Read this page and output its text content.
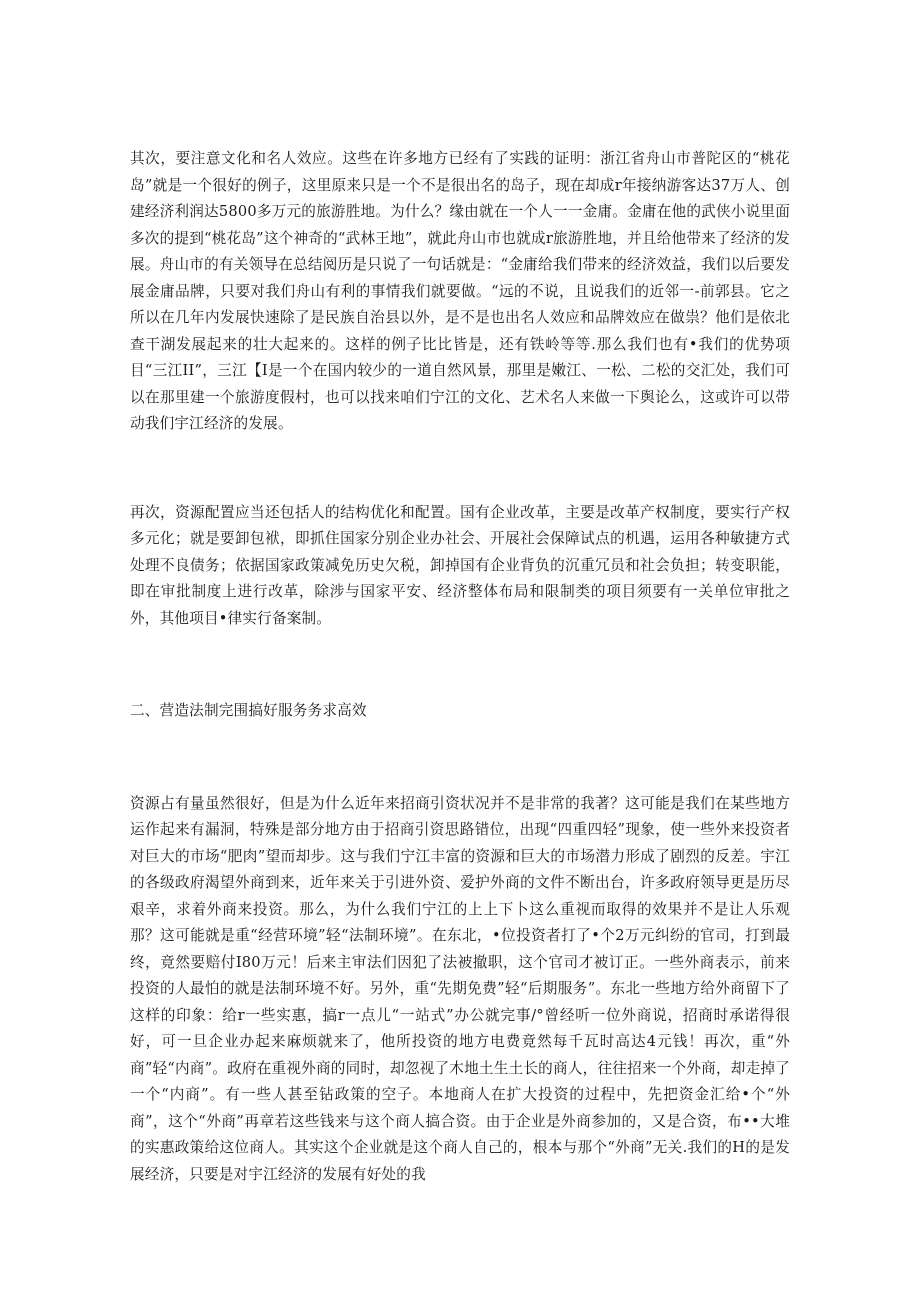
其次，要注意文化和名人效应。这些在许多地方已经有了实践的证明：浙江省舟山市普陀区的“桃花岛”就是一个很好的例子，这里原来只是一个不是很出名的岛子，现在却成r年接纳游客达37万人、创建经济利润达5800多万元的旅游胜地。为什么？缘由就在一个人一一金庸。金庸在他的武侠小说里面多次的提到“桃花岛”这个神奇的“武林王地”，就此舟山市也就成r旅游胜地，并且给他带来了经济的发展。舟山市的有关领导在总结阅历是只说了一句话就是：“金庸给我们带来的经济效益，我们以后要发展金庸品牌，只要对我们舟山有利的事情我们就要做。“远的不说，且说我们的近邻一-前郭县。它之所以在几年内发展快速除了是民族自治县以外，是不是也出名人效应和品牌效应在做祟？他们是依北查干湖发展起来的壮大起来的。这样的例子比比皆是，还有铁岭等等.那么我们也有•我们的优势项目“三江II”，三江【I是一个在国内较少的一道自然风景，那里是嫩江、一松、二松的交汇处，我们可以在那里建一个旅游度假村，也可以找来咱们宁江的文化、艺术名人来做一下舆论么，这或许可以带动我们宇江经济的发展。

再次，资源配置应当还包括人的结构优化和配置。国有企业改革，主要是改革产权制度，要实行产权多元化；就是要卸包袱，即抓住国家分别企业办社会、开展社会保障试点的机遇，运用各种敏捷方式处理不良债务；依据国家政策减免历史欠税，卸掉国有企业背负的沉重冗员和社会负担；转变职能，即在审批制度上进行改革，除涉与国家平安、经济整体布局和限制类的项目须要有一关单位审批之外，其他项目•律实行备案制。

二、营造法制完围搞好服务务求高效

资源占有量虽然很好，但是为什么近年来招商引资状况并不是非常的我著？这可能是我们在某些地方运作起来有漏洞，特殊是部分地方由于招商引资思路错位，出现“四重四轻”现象，使一些外来投资者对巨大的市场“肥肉”望而却步。这与我们宁江丰富的资源和巨大的市场潜力形成了剧烈的反差。宇江的各级政府渴望外商到来，近年来关于引进外资、爱护外商的文件不断出台，许多政府领导更是历尽艰辛，求着外商来投资。那么，为什么我们宁江的上上下卜这么重视而取得的效果并不是让人乐观那？这可能就是重“经营环境”轻“法制环境”。在东北，•位投资者打了•个2万元纠纷的官司，打到最终，竟然要赔付I80万元！后来主审法们因犯了法被撤职，这个官司才被订正。一些外商表示，前来投资的人最怕的就是法制环境不好。另外，重“先期免费”轻“后期服务”。东北一些地方给外商留下了这样的印象：给r一些实惠，搞r一点儿“一站式”办公就完事/°曾经听一位外商说，招商时承诺得很好，可一旦企业办起来麻烦就来了，他所投资的地方电费竟然每千瓦时高达4元钱！再次，重“外商”轻“内商”。政府在重视外商的同时，却忽视了木地土生土长的商人，往往招来一个外商，却走掉了一个“内商”。有一些人甚至钻政策的空子。本地商人在扩大投资的过程中，先把资金汇给•个“外商”，这个“外商”再章若这些钱来与这个商人搞合资。由于企业是外商参加的，又是合资，布••大堆的实惠政策给这位商人。其实这个企业就是这个商人自己的，根本与那个“外商”无关.我们的H的是发展经济，只要是对宇江经济的发展有好处的我
